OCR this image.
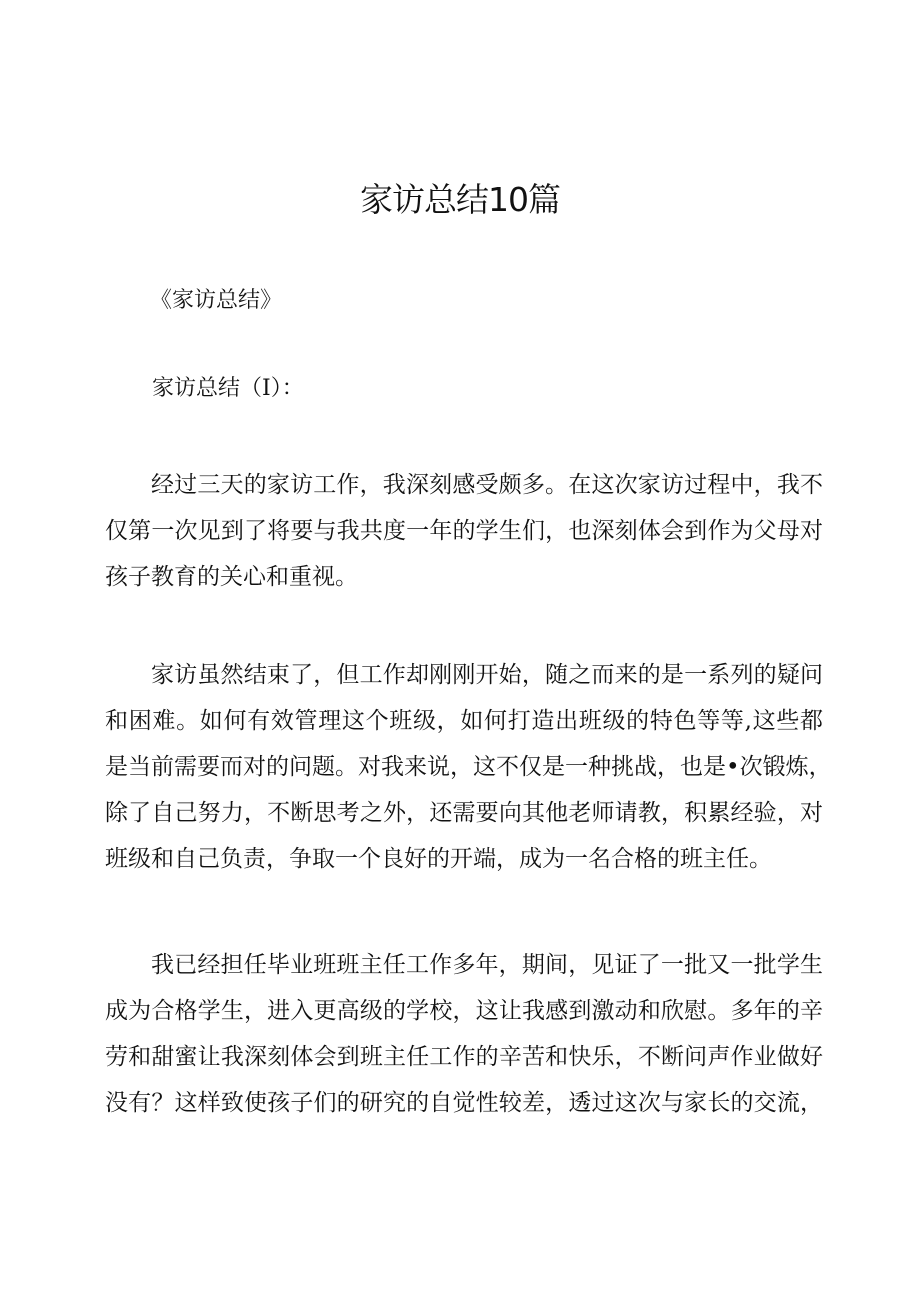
家访总结10篇

《家访总结》

家访总结（I）：

经过三天的家访工作，我深刻感受颇多。在这次家访过程中，我不
仅第一次见到了将要与我共度一年的学生们，也深刻体会到作为父母对
孩子教育的关心和重视。
家访虽然结束了，但工作却刚刚开始，随之而来的是一系列的疑问
和困难。如何有效管理这个班级，如何打造出班级的特色等等,这些都
是当前需要而对的问题。对我来说，这不仅是一种挑战，也是•次锻炼，
除了自己努力，不断思考之外，还需要向其他老师请教，积累经验，对
班级和自己负责，争取一个良好的开端，成为一名合格的班主任。
我已经担任毕业班班主任工作多年，期间，见证了一批又一批学生
成为合格学生，进入更高级的学校，这让我感到激动和欣慰。多年的辛
劳和甜蜜让我深刻体会到班主任工作的辛苦和快乐，不断问声作业做好
没有？这样致使孩子们的研究的自觉性较差，透过这次与家长的交流，
